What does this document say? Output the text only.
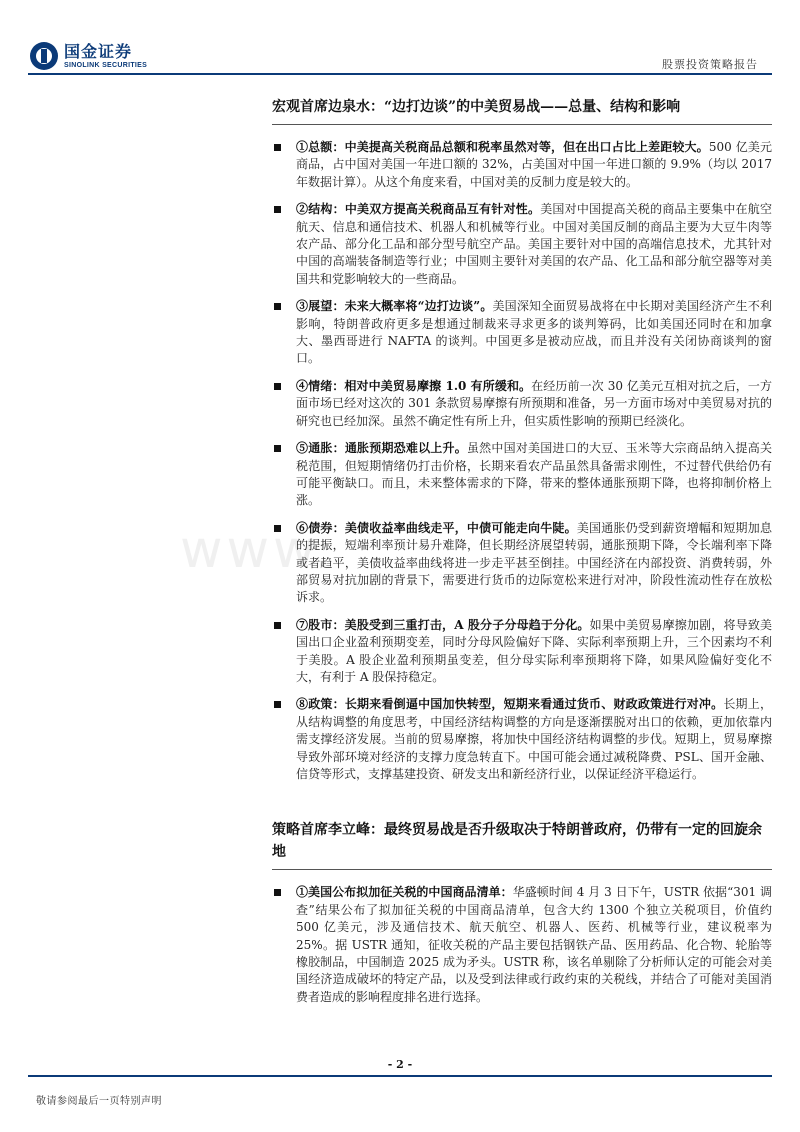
国金证券
SINOLINK SECURITIES	股票投资策略报告
www.
宏观首席边泉水：“边打边谈”的中美贸易战——总量、结构和影响
①总额：中美提高关税商品总额和税率虽然对等，但在出口占比上差距较大。500 亿美元商品，占中国对美国一年进口额的 32%，占美国对中国一年进口额的 9.9%（均以 2017 年数据计算）。从这个角度来看，中国对美的反制力度是较大的。
②结构：中美双方提高关税商品互有针对性。美国对中国提高关税的商品主要集中在航空航天、信息和通信技术、机器人和机械等行业。中国对美国反制的商品主要为大豆牛肉等农产品、部分化工品和部分型号航空产品。美国主要针对中国的高端信息技术，尤其针对中国的高端装备制造等行业；中国则主要针对美国的农产品、化工品和部分航空器等对美国共和党影响较大的一些商品。
③展望：未来大概率将“边打边谈”。美国深知全面贸易战将在中长期对美国经济产生不利影响，特朗普政府更多是想通过制裁来寻求更多的谈判筹码，比如美国还同时在和加拿大、墨西哥进行 NAFTA 的谈判。中国更多是被动应战，而且并没有关闭协商谈判的窗口。
④情绪：相对中美贸易摩擦 1.0 有所缓和。在经历前一次 30 亿美元互相对抗之后，一方面市场已经对这次的 301 条款贸易摩擦有所预期和准备，另一方面市场对中美贸易对抗的研究也已经加深。虽然不确定性有所上升，但实质性影响的预期已经淡化。
⑤通胀：通胀预期恐难以上升。虽然中国对美国进口的大豆、玉米等大宗商品纳入提高关税范围，但短期情绪仍打击价格，长期来看农产品虽然具备需求刚性，不过替代供给仍有可能平衡缺口。而且，未来整体需求的下降，带来的整体通胀预期下降，也将抑制价格上涨。
⑥债券：美债收益率曲线走平，中债可能走向牛陡。美国通胀仍受到薪资增幅和短期加息的提振，短端利率预计易升难降，但长期经济展望转弱，通胀预期下降，令长端利率下降或者趋平，美债收益率曲线将进一步走平甚至倒挂。中国经济在内部投资、消费转弱，外部贸易对抗加剧的背景下，需要进行货币的边际宽松来进行对冲，阶段性流动性存在放松诉求。
⑦股市：美股受到三重打击，A 股分子分母趋于分化。如果中美贸易摩擦加剧，将导致美国出口企业盈利预期变差，同时分母风险偏好下降、实际利率预期上升，三个因素均不利于美股。A 股企业盈利预期虽变差，但分母实际利率预期将下降，如果风险偏好变化不大，有利于 A 股保持稳定。
⑧政策：长期来看倒逼中国加快转型，短期来看通过货币、财政政策进行对冲。长期上，从结构调整的角度思考，中国经济结构调整的方向是逐渐摆脱对出口的依赖，更加依靠内需支撑经济发展。当前的贸易摩擦，将加快中国经济结构调整的步伐。短期上，贸易摩擦导致外部环境对经济的支撑力度急转直下。中国可能会通过减税降费、PSL、国开金融、信贷等形式，支撑基建投资、研发支出和新经济行业，以保证经济平稳运行。
策略首席李立峰：最终贸易战是否升级取决于特朗普政府，仍带有一定的回旋余地
①美国公布拟加征关税的中国商品清单：华盛顿时间 4 月 3 日下午，USTR 依据“301 调查”结果公布了拟加征关税的中国商品清单，包含大约 1300 个独立关税项目，价值约 500 亿美元，涉及通信技术、航天航空、机器人、医药、机械等行业，建议税率为 25%。据 USTR 通知，征收关税的产品主要包括钢铁产品、医用药品、化合物、轮胎等橡胶制品，中国制造 2025 成为矛头。USTR 称，该名单剔除了分析师认定的可能会对美国经济造成破坏的特定产品，以及受到法律或行政约束的关税线，并结合了可能对美国消费者造成的影响程度排名进行选择。
- 2 -
敬请参阅最后一页特别声明
